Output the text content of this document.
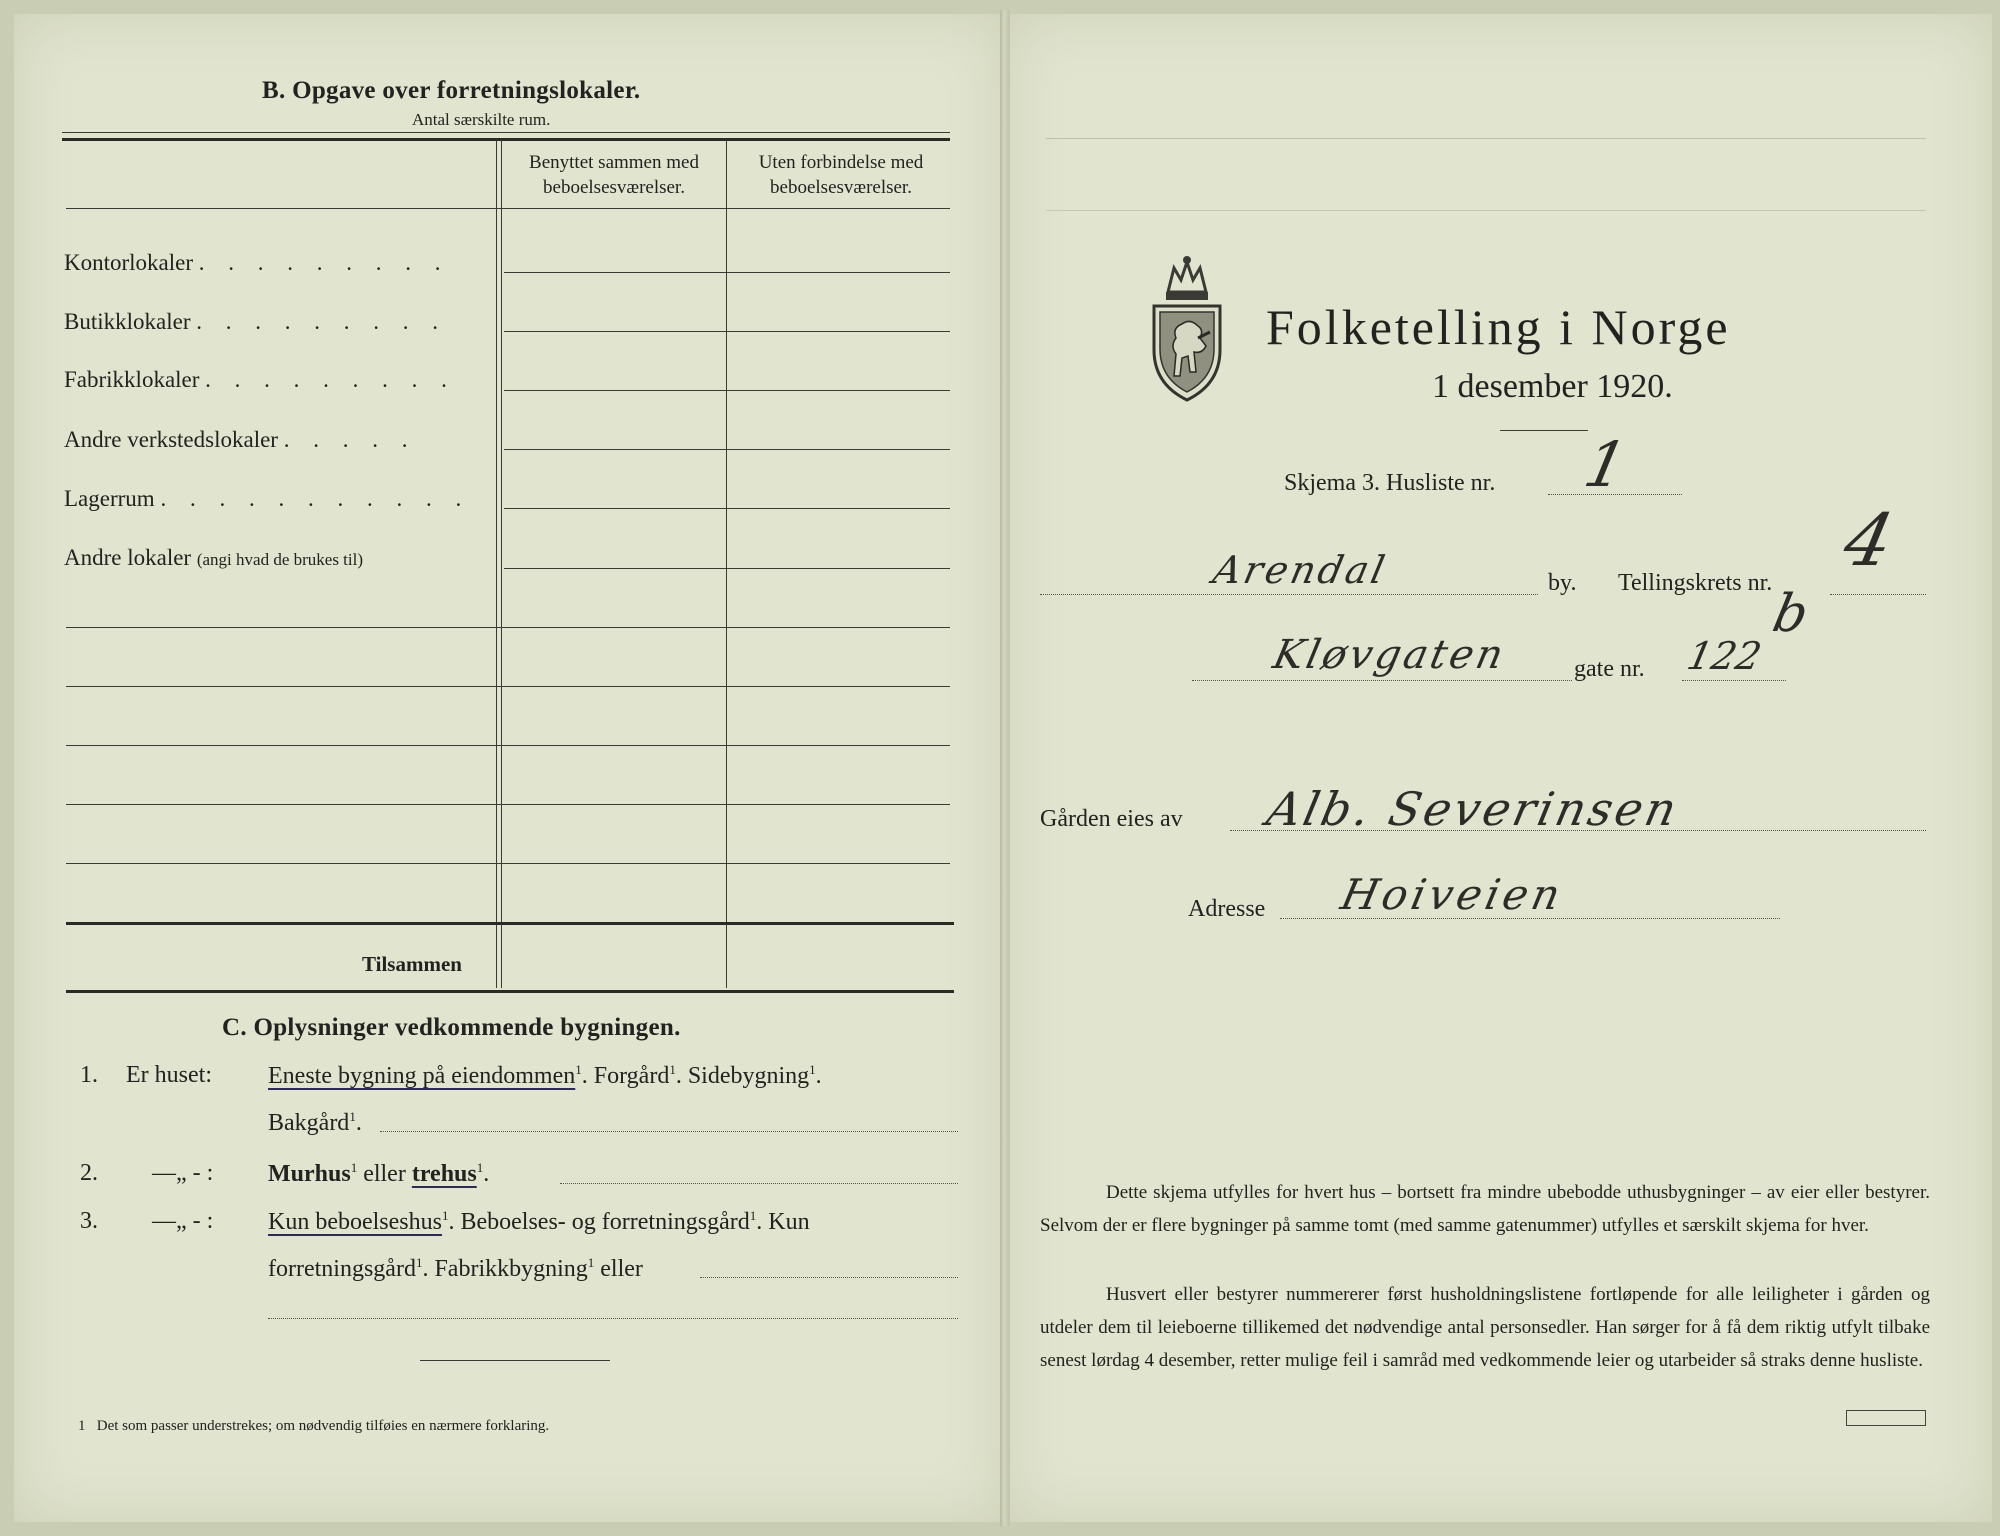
B. Opgave over forretningslokaler.
Antal særskilte rum.
Benyttet sammen med
beboelsesværelser.
Uten forbindelse med
beboelsesværelser.
Kontorlokaler . . . . . . . . .
Butikklokaler . . . . . . . . .
Fabrikklokaler . . . . . . . . .
Andre verkstedslokaler . . . . .
Lagerrum . . . . . . . . . . .
Andre lokaler (angi hvad de brukes til)
Tilsammen
C. Oplysninger vedkommende bygningen.
1. Er huset: Eneste bygning på eiendommen$^1$. Forgård$^1$. Sidebygning$^1$.
Bakgård$^1$.
2. —„ - : Murhus$^1$ eller trehus$^1$.
3. —„ - : Kun beboelseshus$^1$. Beboelses- og forretningsgård$^1$. Kun
forretningsgård$^1$. Fabrikkbygning$^1$ eller
1 Det som passer understrekes; om nødvendig tilføies en nærmere forklaring.
Folketelling i Norge
1 desember 1920.
Skjema 3. Husliste nr. 1
Arendal	by. Tellingskrets nr.
4
Kløvgaten	gate nr. 122
b
Gården eies av Alb. Severinsen
Adresse Hoiveien
Dette skjema utfylles for hvert hus – bortsett fra mindre ubebodde uthusbygninger – av eier eller bestyrer. Selvom der er flere bygninger på samme tomt (med samme gatenummer) utfylles et særskilt skjema for hver.
Husvert eller bestyrer nummererer først husholdningslistene fortløpende for alle leiligheter i gården og utdeler dem til leieboerne tillikemed det nødvendige antal personsedler. Han sørger for å få dem riktig utfylt tilbake senest lørdag 4 desember, retter mulige feil i samråd med vedkommende leier og utarbeider så straks denne husliste.
